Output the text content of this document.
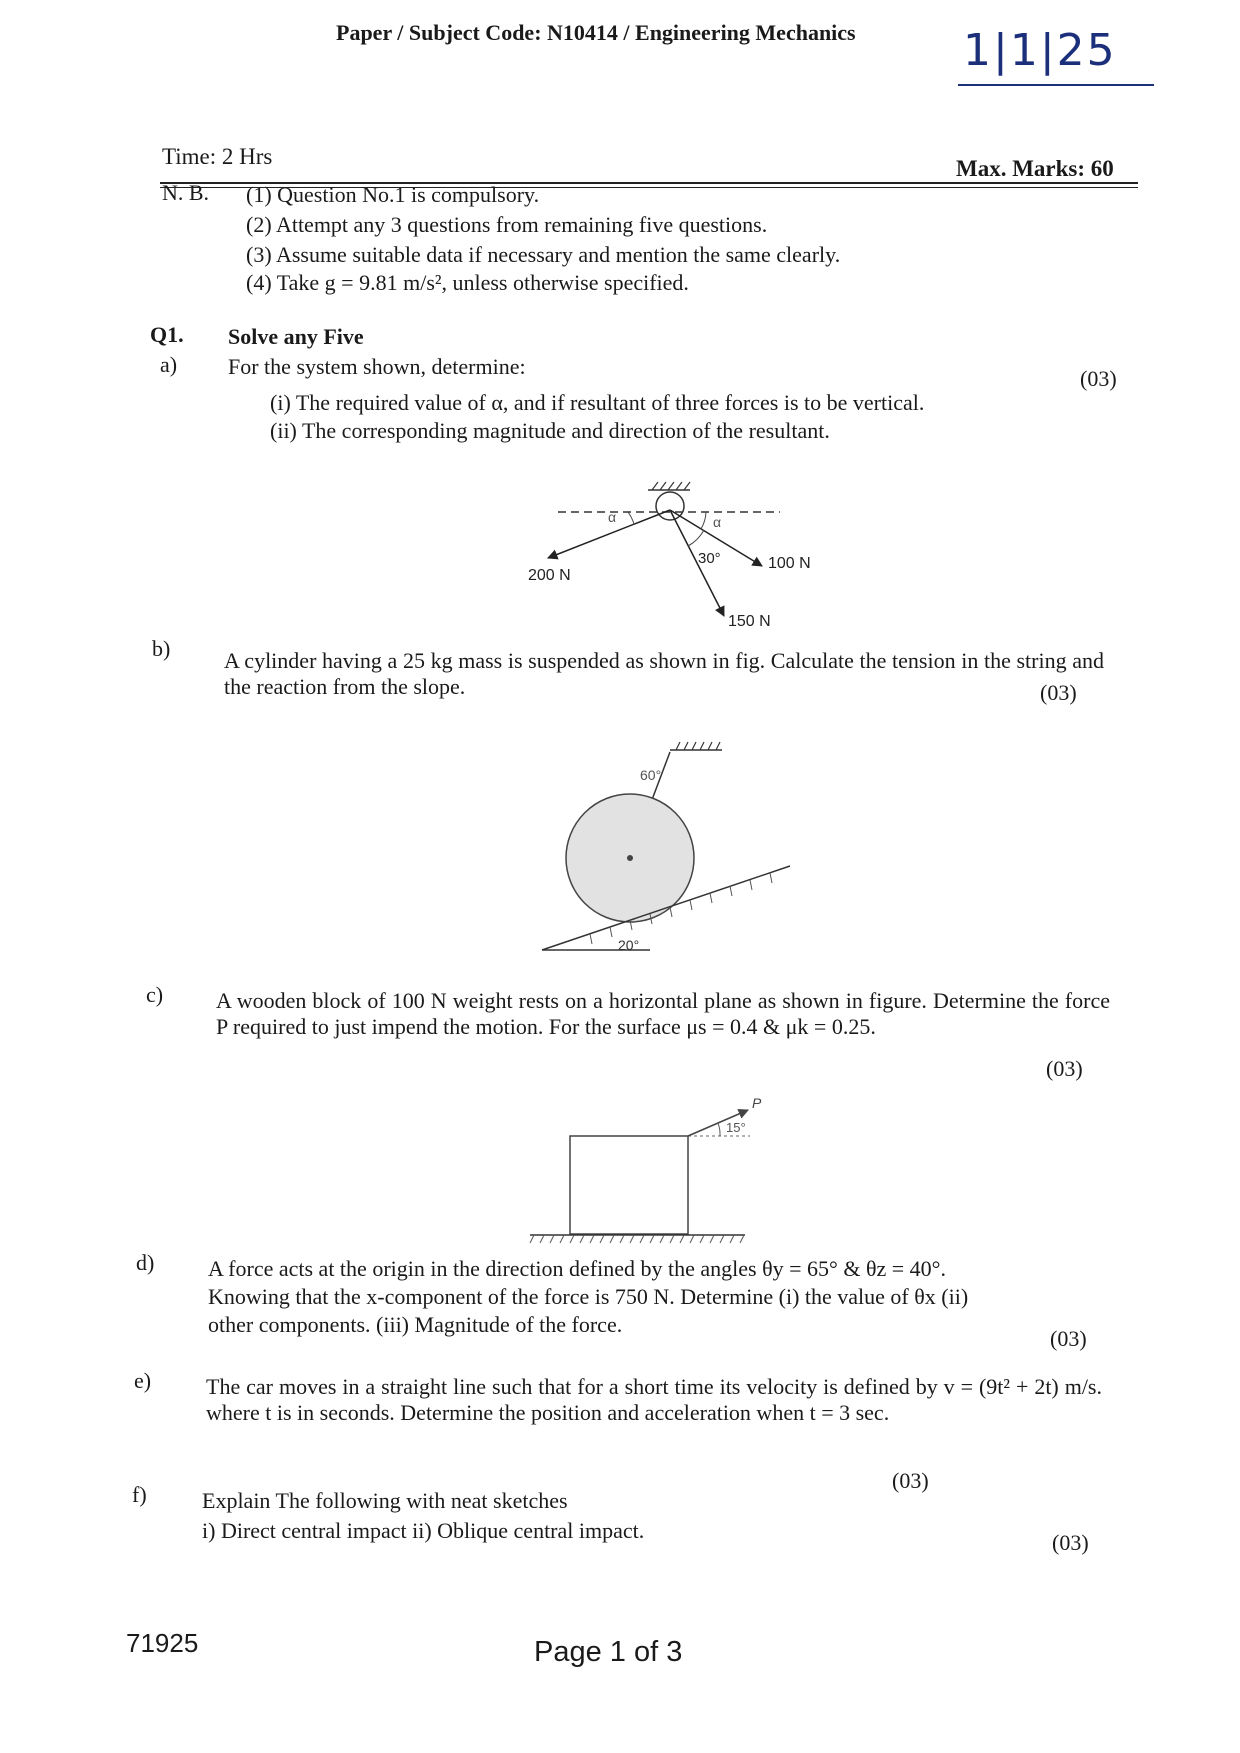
Paper / Subject Code: N10414 / Engineering Mechanics 1|1|25
Time: 2 Hrs	Max. Marks: 60
N. B. (1) Question No.1 is compulsory.
(2) Attempt any 3 questions from remaining five questions.
(3) Assume suitable data if necessary and mention the same clearly.
(4) Take g = 9.81 m/s², unless otherwise specified.
Q1. Solve any Five
a) For the system shown, determine:	(03)
(i) The required value of α, and if resultant of three forces is to be vertical.
(ii) The corresponding magnitude and direction of the resultant.
α	α
30°
200 N
100 N
150 N
b) A cylinder having a 25 kg mass is suspended as shown in fig. Calculate the tension in the string and the reaction from the slope.	(03)
60°
20°
c) A wooden block of 100 N weight rests on a horizontal plane as shown in figure. Determine the force P required to just impend the motion. For the surface μs = 0.4 & μk = 0.25.
(03)
P
15°
d) A force acts at the origin in the direction defined by the angles θy = 65° & θz = 40°.
Knowing that the x-component of the force is 750 N. Determine (i) the value of θx (ii)
other components. (iii) Magnitude of the force.
(03)
e) The car moves in a straight line such that for a short time its velocity is defined by v = (9t² + 2t) m/s. where t is in seconds. Determine the position and acceleration when t = 3 sec.
f)
(03)
Explain The following with neat sketches
i) Direct central impact ii) Oblique central impact.	(03)
71925	Page 1 of 3
